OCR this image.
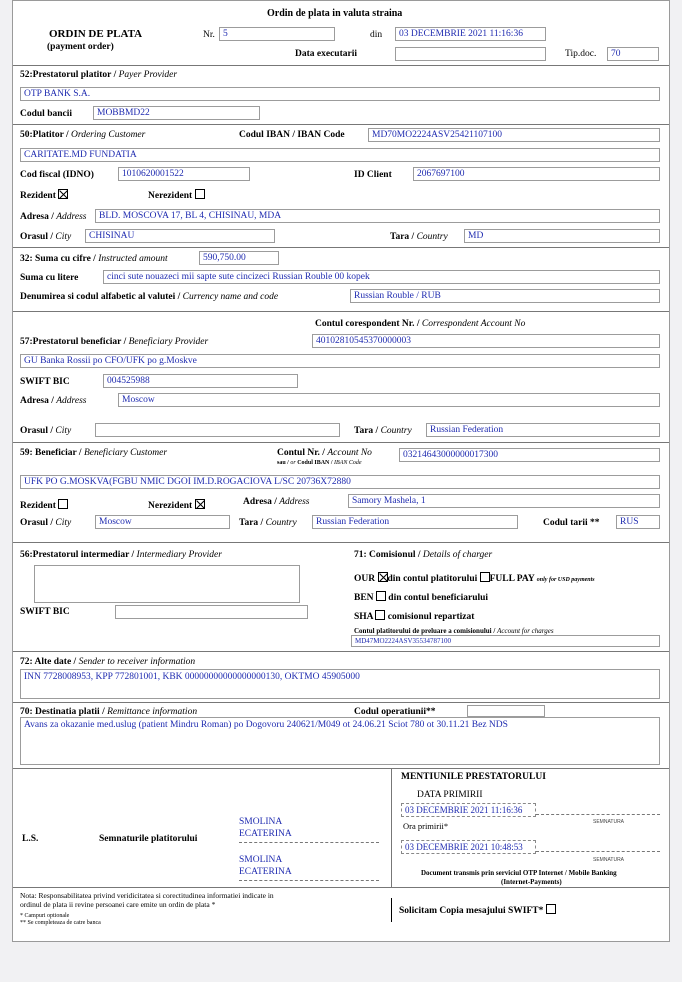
Ordin de plata in valuta straina
ORDIN DE PLATA
(payment order)
Nr. 5	din	03 DECEMBRIE 2021 11:16:36
Data executarii	Tip.doc.	70
52:Prestatorul platitor / Payer Provider
OTP BANK S.A.
Codul bancii	MOBBMD22
50:Platitor / Ordering Customer	Codul IBAN / IBAN Code	MD70MO2224ASV25421107100
CARITATE.MD FUNDATIA
Cod fiscal (IDNO)	1010620001522	ID Client	2067697100
Rezident	Nerezident
Adresa / Address	BLD. MOSCOVA 17, BL 4, CHISINAU, MDA
Orasul / City	CHISINAU	Tara / Country	MD
32: Suma cu cifre / Instructed amount	590,750.00
Suma cu litere	cinci sute nouazeci mii sapte sute cincizeci Russian Rouble 00 kopek
Denumirea si codul alfabetic al valutei / Currency name and code	Russian Rouble / RUB
Contul corespondent Nr. / Correspondent Account No
57:Prestatorul beneficiar / Beneficiary Provider	40102810545370000003
GU Banka Rossii po CFO/UFK po g.Moskve
SWIFT BIC	004525988
Adresa / Address	Moscow
Orasul / City	Tara / Country	Russian Federation
59: Beneficiar / Beneficiary Customer	Contul Nr. / Account No
sau / or Codul IBAN / IBAN Code
03214643000000017300
UFK PO G.MOSKVA(FGBU NMIC DGOI IM.D.ROGACIOVA L/SC 20736X72880
Rezident	Nerezident	Adresa / Address	Samory Mashela, 1
Orasul / City	Moscow	Tara / Country	Russian Federation	Codul tarii **	RUS
56:Prestatorul intermediar / Intermediary Provider
SWIFT BIC
71: Comisionul / Details of charger
OUR din contul platitorului FULL PAY only for USD payments
BEN din contul beneficiarului
SHA comisionul repartizat
Contul platitorului de preluare a comisionului / Account for charges
MD47MO2224ASV35534787100
72: Alte date / Sender to receiver information
INN 7728008953, KPP 772801001, KBK 00000000000000000130, OKTMO 45905000
70: Destinatia platii / Remittance information	Codul operatiunii**
Avans za okazanie med.uslug (patient Mindru Roman) po Dogovoru 240621/M049 ot 24.06.21 Sciot 780 ot 30.11.21 Bez NDS
L.S.	Semnaturile platitorului
SMOLINA
ECATERINA
SMOLINA
ECATERINA
MENTIUNILE PRESTATORULUI
DATA PRIMIRII
03 DECEMBRIE 2021 11:16:36
SEMNATURA
Ora primirii*
03 DECEMBRIE 2021 10:48:53
SEMNATURA
Document transmis prin serviciul OTP Internet / Mobile Banking
(Internet-Payments)
Nota: Responsabilitatea privind veridicitatea si corectitudinea informatiei indicate in
ordinul de plata ii revine persoanei care emite un ordin de plata *
* Campuri optionale
** Se completeaza de catre banca
Solicitam Copia mesajului SWIFT*
